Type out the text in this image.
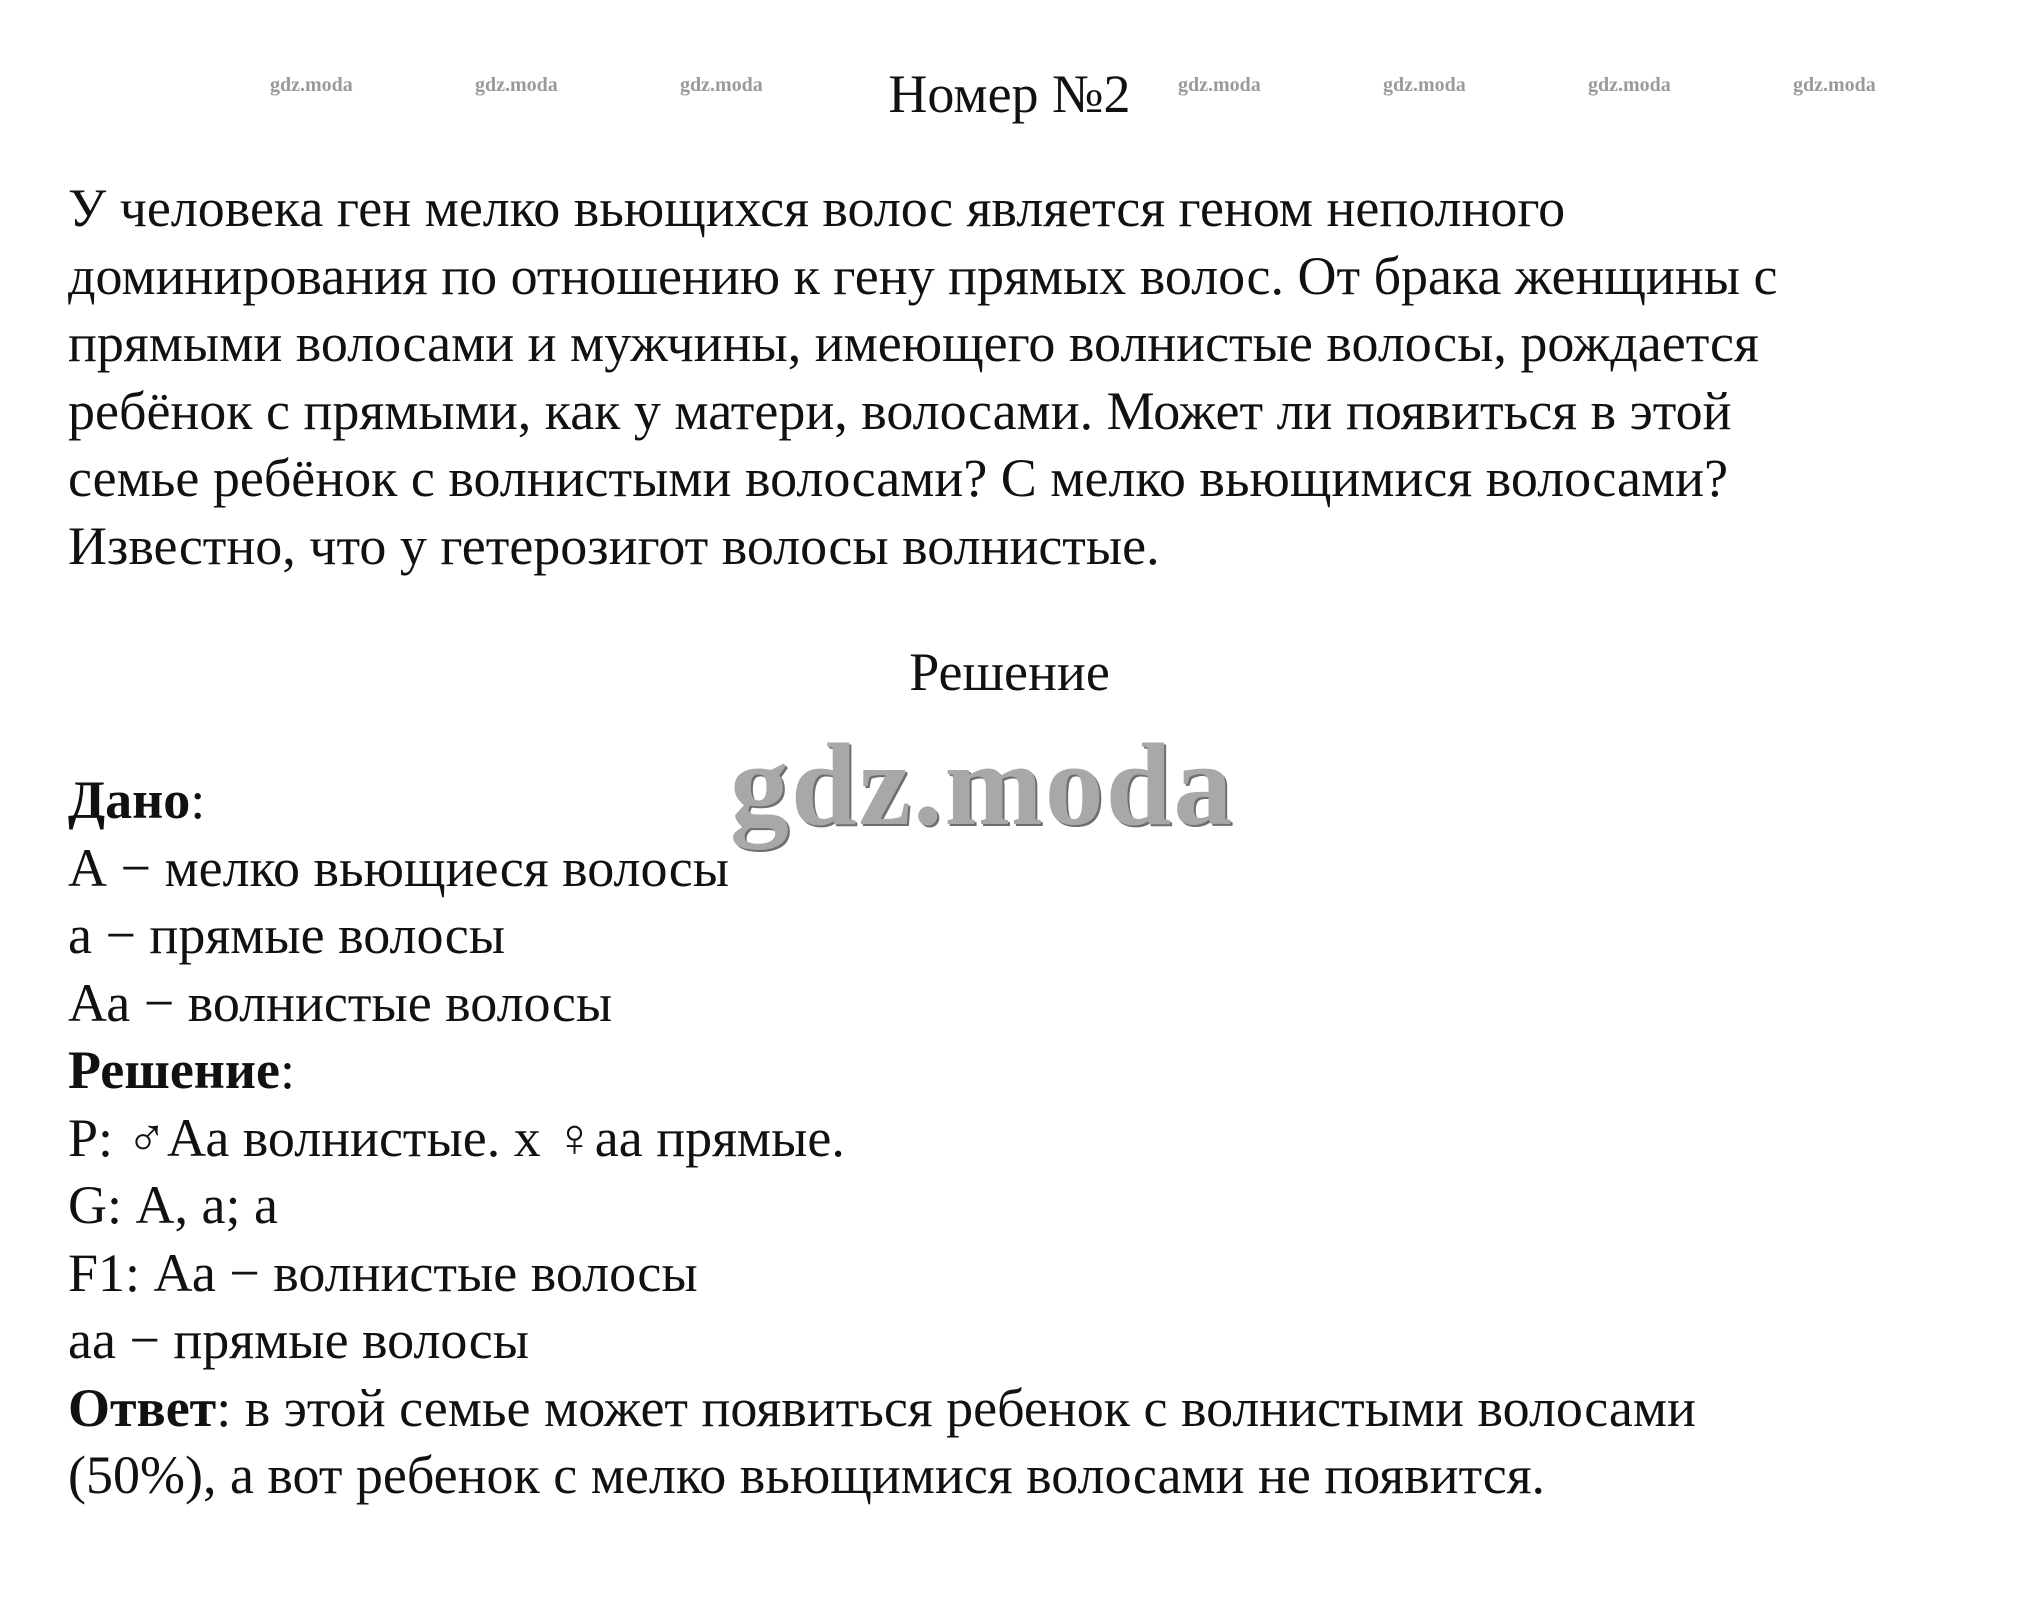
gdz.moda	gdz.moda	gdz.moda	gdz.moda	gdz.moda	gdz.moda	gdz.moda
Номер №2
У человека ген мелко вьющихся волос является геном неполного
доминирования по отношению к гену прямых волос. От брака женщины с
прямыми волосами и мужчины, имеющего волнистые волосы, рождается
ребёнок с прямыми, как у матери, волосами. Может ли появиться в этой
семье ребёнок с волнистыми волосами? С мелко вьющимися волосами?
Известно, что у гетерозигот волосы волнистые.
Решение
gdz.moda
Дано:
А − мелко вьющиеся волосы
а − прямые волосы
Аа − волнистые волосы
Решение:
P: ♂Аа волнистые. х ♀аа прямые.
G: А, а; а
F1: Аа − волнистые волосы
аа − прямые волосы
Ответ: в этой семье может появиться ребенок с волнистыми волосами
(50%), а вот ребенок с мелко вьющимися волосами не появится.
